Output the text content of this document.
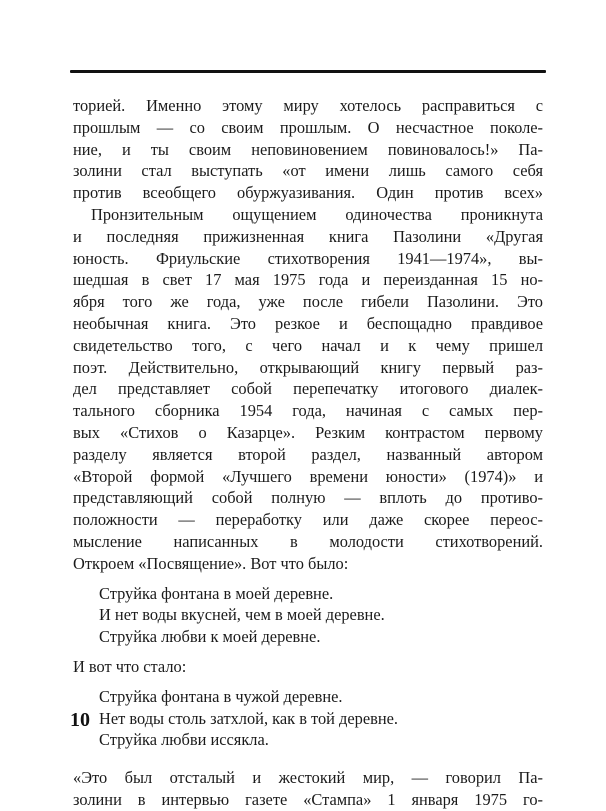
торией. Именно этому миру хотелось расправиться с
прошлым — со своим прошлым. О несчастное поколе-
ние, и ты своим неповиновением повиновалось!» Па-
золини стал выступать «от имени лишь самого себя
против всеобщего обуржуазивания. Один против всех»
Пронзительным ощущением одиночества проникнута
и последняя прижизненная книга Пазолини «Другая
юность. Фриульские стихотворения 1941—1974», вы-
шедшая в свет 17 мая 1975 года и переизданная 15 но-
ября того же года, уже после гибели Пазолини. Это
необычная книга. Это резкое и беспощадно правдивое
свидетельство того, с чего начал и к чему пришел
поэт. Действительно, открывающий книгу первый раз-
дел представляет собой перепечатку итогового диалек-
тального сборника 1954 года, начиная с самых пер-
вых «Стихов о Казарце». Резким контрастом первому
разделу является второй раздел, названный автором
«Второй формой «Лучшего времени юности» (1974)» и
представляющий собой полную — вплоть до противо-
положности — переработку или даже скорее переос-
мысление написанных в молодости стихотворений.
Откроем «Посвящение». Вот что было:
Струйка фонтана в моей деревне.
И нет воды вкусней, чем в моей деревне.
Струйка любви к моей деревне.
И вот что стало:
Струйка фонтана в чужой деревне.
Нет воды столь затхлой, как в той деревне.
Струйка любви иссякла.
«Это был отсталый и жестокий мир, — говорил Па-
золини в интервью газете «Стампа» 1 января 1975 го-
10
